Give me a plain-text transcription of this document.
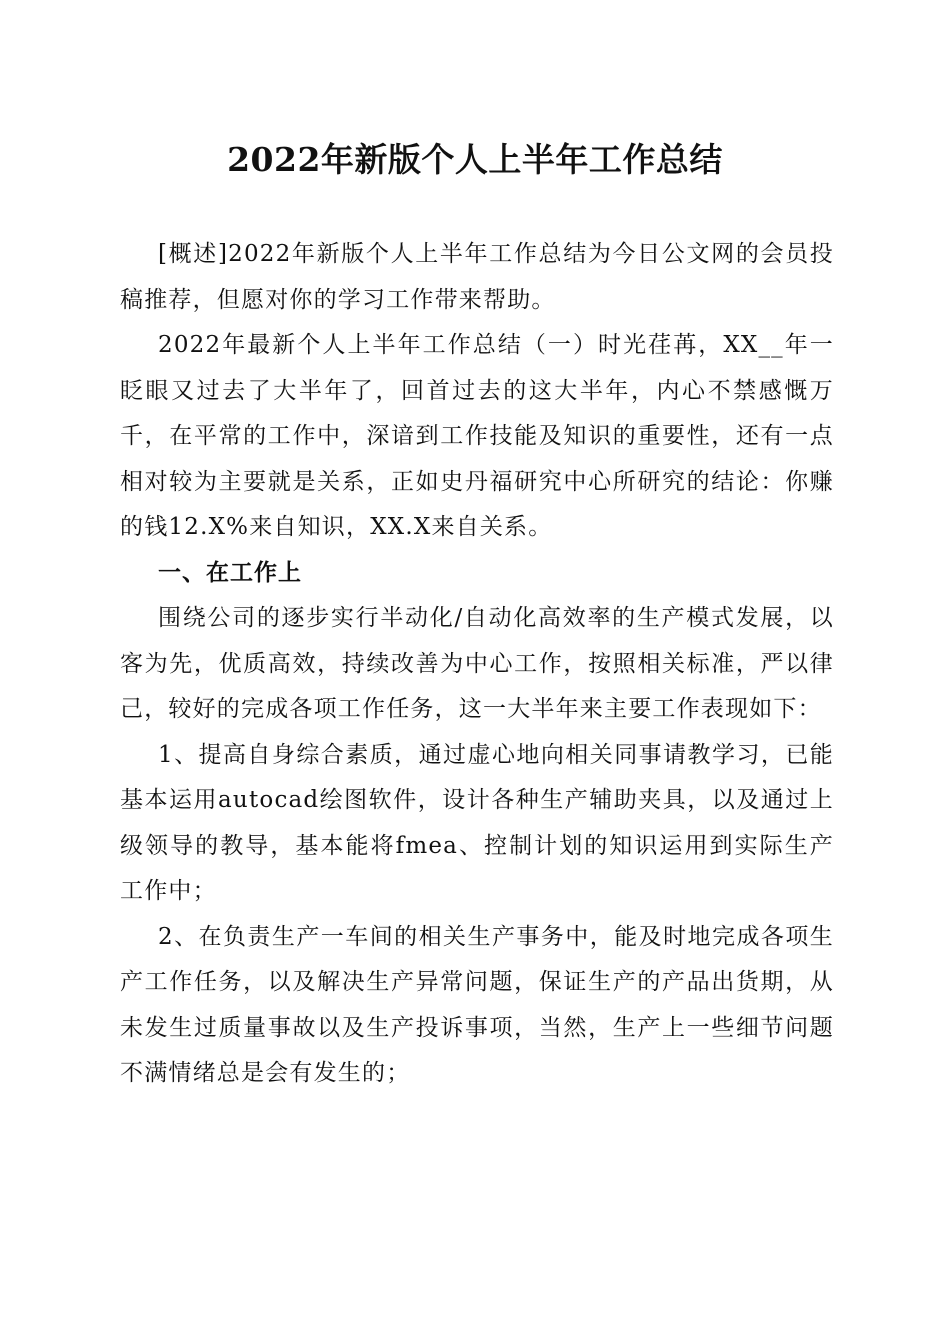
2022年新版个人上半年工作总结

[概述]2022年新版个人上半年工作总结为今日公文网的会员投稿推荐，但愿对你的学习工作带来帮助。

2022年最新个人上半年工作总结（一）时光荏苒，XX__年一眨眼又过去了大半年了，回首过去的这大半年，内心不禁感慨万千，在平常的工作中，深谙到工作技能及知识的重要性，还有一点相对较为主要就是关系，正如史丹福研究中心所研究的结论：你赚的钱12.X%来自知识，XX.X来自关系。

一、在工作上

围绕公司的逐步实行半动化/自动化高效率的生产模式发展，以客为先，优质高效，持续改善为中心工作，按照相关标准，严以律己，较好的完成各项工作任务，这一大半年来主要工作表现如下：

1、提高自身综合素质，通过虚心地向相关同事请教学习，已能基本运用autocad绘图软件，设计各种生产辅助夹具，以及通过上级领导的教导，基本能将fmea、控制计划的知识运用到实际生产工作中；

2、在负责生产一车间的相关生产事务中，能及时地完成各项生产工作任务，以及解决生产异常问题，保证生产的产品出货期，从未发生过质量事故以及生产投诉事项，当然，生产上一些细节问题不满情绪总是会有发生的；
